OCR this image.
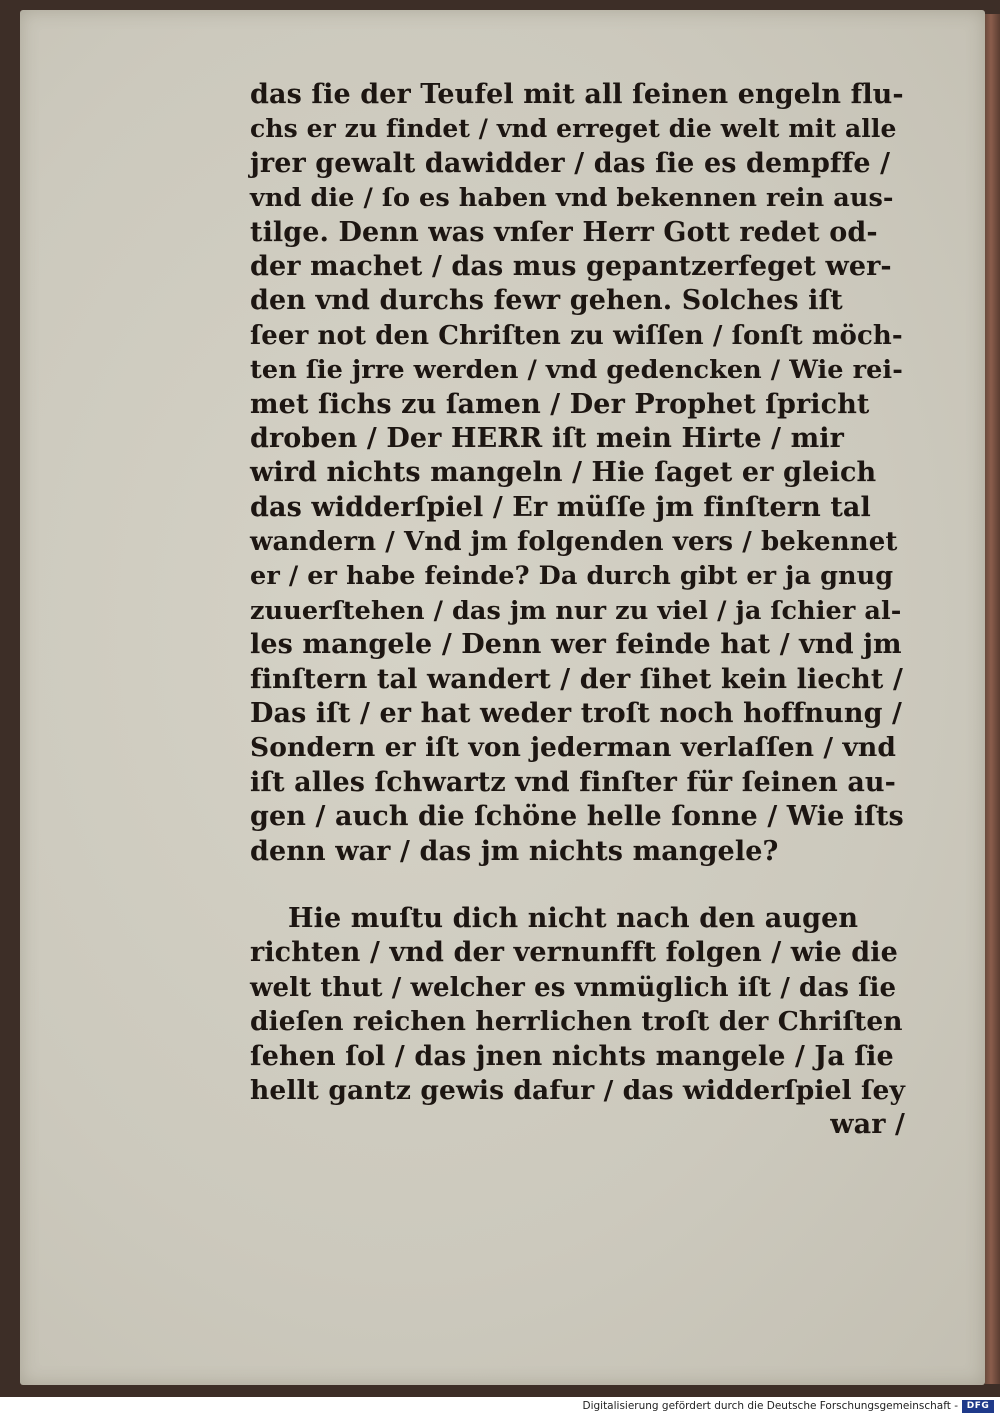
das ſie der Teufel mit all ſeinen engeln flu‑
chs er zu findet / vnd erreget die welt mit alle
jrer gewalt dawidder / das ſie es dempffe /
vnd die / ſo es haben vnd bekennen rein aus‑
tilge. Denn was vnſer Herr Gott redet od‑
der machet / das mus gepantzerfeget wer‑
den vnd durchs fewr gehen. Solches iſt
ſeer not den Chriſten zu wiſſen / ſonſt möch‑
ten ſie jrre werden / vnd gedencken / Wie rei‑
met ſichs zu ſamen / Der Prophet ſpricht
droben / Der HERR iſt mein Hirte / mir
wird nichts mangeln / Hie ſaget er gleich
das widderſpiel / Er müſſe jm finſtern tal
wandern / Vnd jm folgenden vers / bekennet
er / er habe feinde? Da durch gibt er ja gnug
zuuerſtehen / das jm nur zu viel / ja ſchier al‑
les mangele / Denn wer feinde hat / vnd jm
finſtern tal wandert / der ſihet kein liecht /
Das iſt / er hat weder troſt noch hoffnung /
Sondern er iſt von jederman verlaſſen / vnd
iſt alles ſchwartz vnd finſter für ſeinen au‑
gen / auch die ſchöne helle ſonne / Wie iſts
denn war / das jm nichts mangele?
Hie muſtu dich nicht nach den augen
richten / vnd der vernunfft folgen / wie die
welt thut / welcher es vnmüglich iſt / das ſie
dieſen reichen herrlichen troſt der Chriſten
ſehen ſol / das jnen nichts mangele / Ja ſie
hellt gantz gewis dafur / das widderſpiel ſey
war /
Digitalisierung gefördert durch die Deutsche Forschungsgemeinschaft - DFG
